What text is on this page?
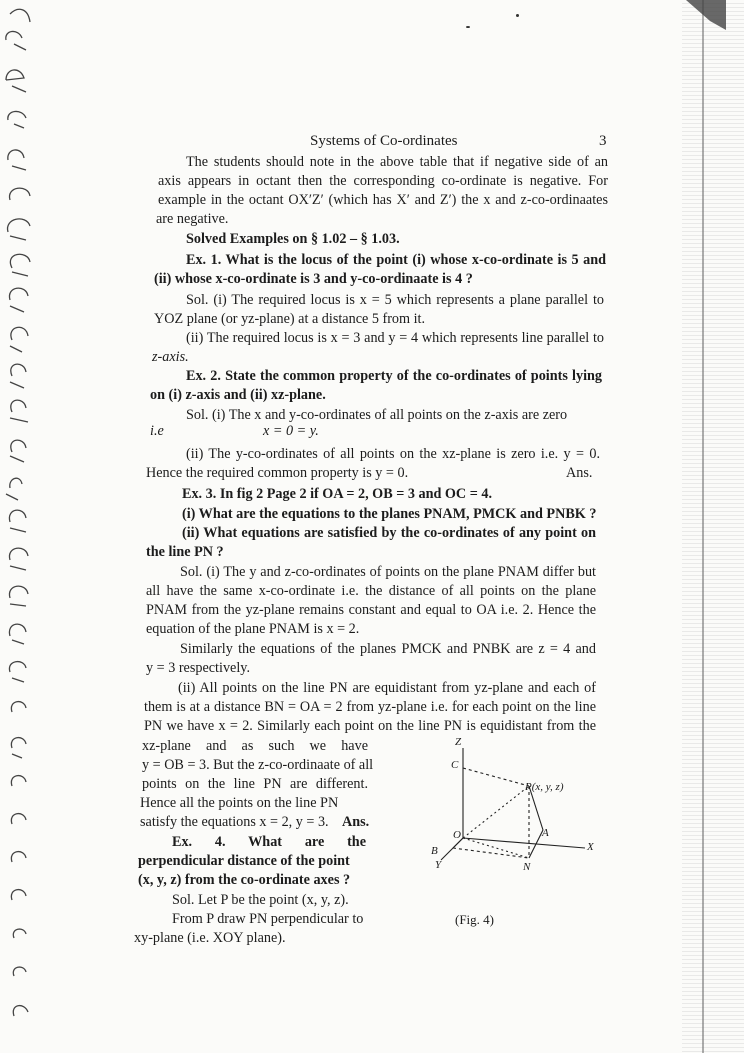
Systems of Co-ordinates	3

The students should note in the above table that if negative side of an

axis appears in octant then the corresponding co-ordinate is negative. For

example in the octant OX′Z′ (which has X′ and Z′) the x and z-co-ordinaates

are negative.

Solved Examples on § 1.02 – § 1.03.

Ex. 1. What is the locus of the point (i) whose x-co-ordinate is 5 and

(ii) whose x-co-ordinate is 3 and y-co-ordinaate is 4 ?

Sol. (i) The required locus is x = 5 which represents a plane parallel to

YOZ plane (or yz-plane) at a distance 5 from it.

(ii) The required locus is x = 3 and y = 4 which represents line parallel to

z-axis.

Ex. 2. State the common property of the co-ordinates of points lying

on (i) z-axis and (ii) xz-plane.

Sol. (i) The x and y-co-ordinates of all points on the z-axis are zero

i.e	x = 0 = y.

(ii) The y-co-ordinates of all points on the xz-plane is zero i.e. y = 0.

Hence the required common property is y = 0.	Ans.

Ex. 3. In fig 2 Page 2 if OA = 2, OB = 3 and OC = 4.

(i) What are the equations to the planes PNAM, PMCK and PNBK ?

(ii) What equations are satisfied by the co-ordinates of any point on

the line PN ?

Sol. (i) The y and z-co-ordinates of points on the plane PNAM differ but

all have the same x-co-ordinate i.e. the distance of all points on the plane

PNAM from the yz-plane remains constant and equal to OA i.e. 2. Hence the

equation of the plane PNAM is x = 2.

Similarly the equations of the planes PMCK and PNBK are z = 4 and

y = 3 respectively.

(ii) All points on the line PN are equidistant from yz-plane and each of

them is at a distance BN = OA = 2 from yz-plane i.e. for each point on the line

PN we have x = 2. Similarly each point on the line PN is equidistant from the

xz-plane and as such we have

y = OB = 3. But the z-co-ordinaate of all

points on the line PN are different.

Hence all the points on the line PN

satisfy the equations x = 2, y = 3. Ans.

Ex. 4. What are the

perpendicular distance of the point

(x, y, z) from the co-ordinate axes ?

Sol. Let P be the point (x, y, z).

From P draw PN perpendicular to

xy-plane (i.e. XOY plane).

Z
C
P(x, y, z)
O	A
X
B
Y	N
(Fig. 4)
